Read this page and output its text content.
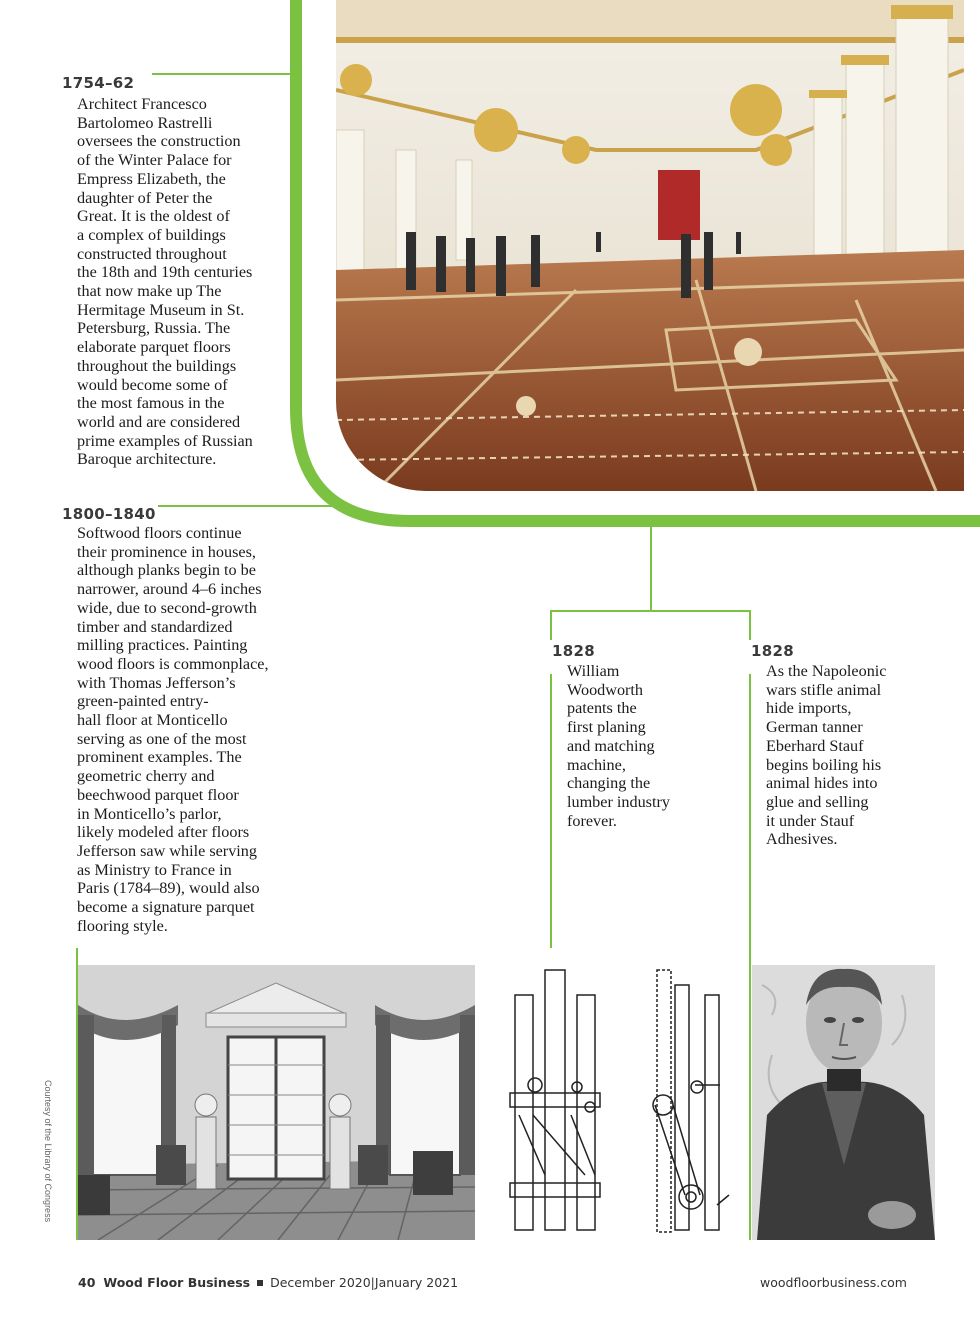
1754–62
Architect Francesco
Bartolomeo Rastrelli
oversees the construction
of the Winter Palace for
Empress Elizabeth, the
daughter of Peter the
Great. It is the oldest of
a complex of buildings
constructed throughout
the 18th and 19th centuries
that now make up The
Hermitage Museum in St.
Petersburg, Russia. The
elaborate parquet floors
throughout the buildings
would become some of
the most famous in the
world and are considered
prime examples of Russian
Baroque architecture.
1800–1840
Softwood floors continue
their prominence in houses,
although planks begin to be
narrower, around 4–6 inches
wide, due to second-growth
timber and standardized
milling practices. Painting
wood floors is commonplace,
with Thomas Jefferson’s
green-painted entry-
hall floor at Monticello
serving as one of the most
prominent examples. The
geometric cherry and
beechwood parquet floor
in Monticello’s parlor,
likely modeled after floors
Jefferson saw while serving
as Ministry to France in
Paris (1784–89), would also
become a signature parquet
flooring style.
1828
William
Woodworth
patents the
first planing
and matching
machine,
changing the
lumber industry
forever.
1828
As the Napoleonic
wars stifle animal
hide imports,
German tanner
Eberhard Stauf
begins boiling his
animal hides into
glue and selling
it under Stauf
Adhesives.
Courtesy of the Library of Congress
40 Wood Floor Business December 2020|January 2021	woodfloorbusiness.com
